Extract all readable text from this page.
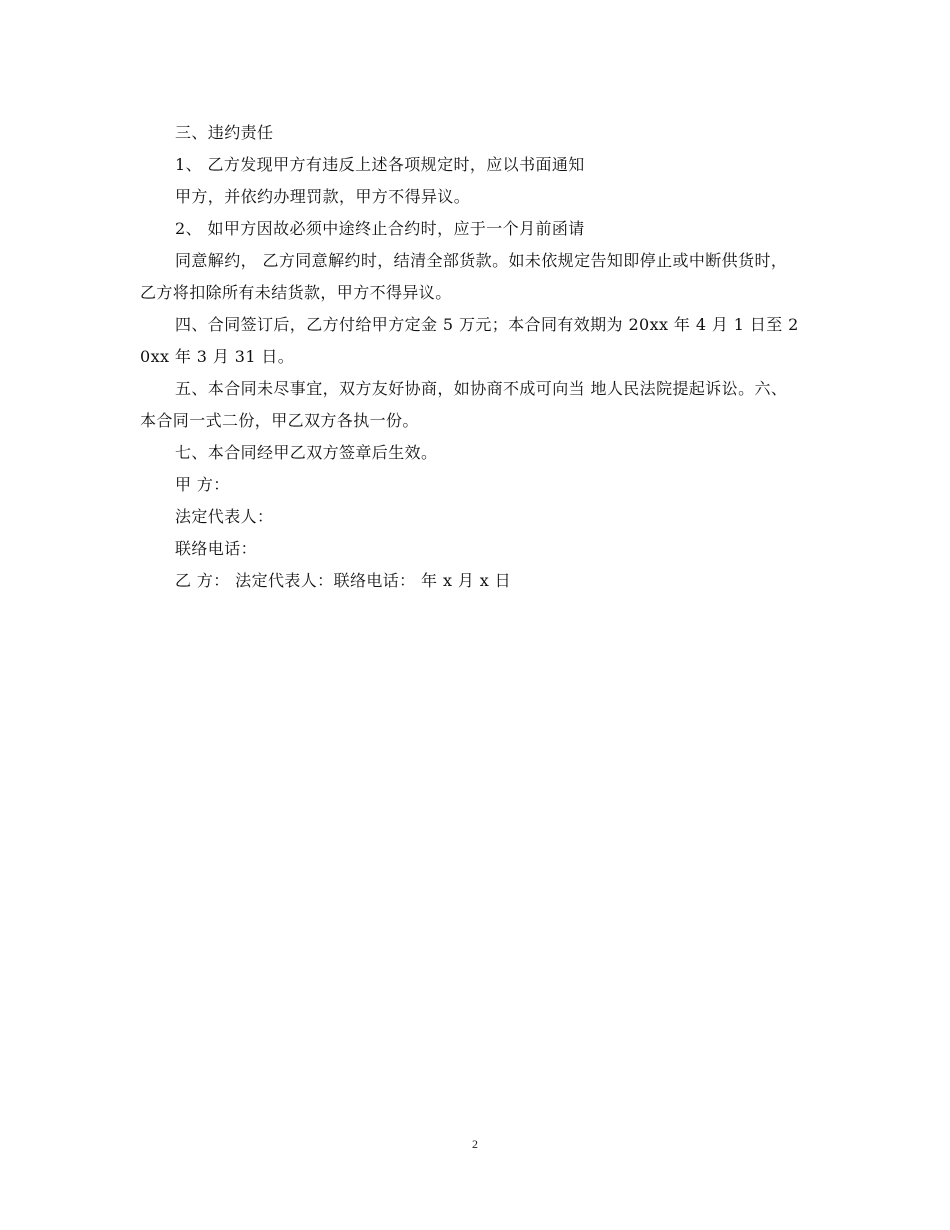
三、违约责任

1、 乙方发现甲方有违反上述各项规定时，应以书面通知

甲方，并依约办理罚款，甲方不得异议。

2、 如甲方因故必须中途终止合约时，应于一个月前函请

同意解约， 乙方同意解约时，结清全部货款。如未依规定告知即停止或中断供货时，乙方将扣除所有未结货款，甲方不得异议。

四、合同签订后，乙方付给甲方定金 5 万元；本合同有效期为 20xx 年 4 月 1 日至 20xx 年 3 月 31 日。

五、本合同未尽事宜，双方友好协商，如协商不成可向当 地人民法院提起诉讼。六、本合同一式二份，甲乙双方各执一份。

七、本合同经甲乙双方签章后生效。

甲 方：

法定代表人：

联络电话：

乙 方： 法定代表人：联络电话： 年 x 月 x 日

2
